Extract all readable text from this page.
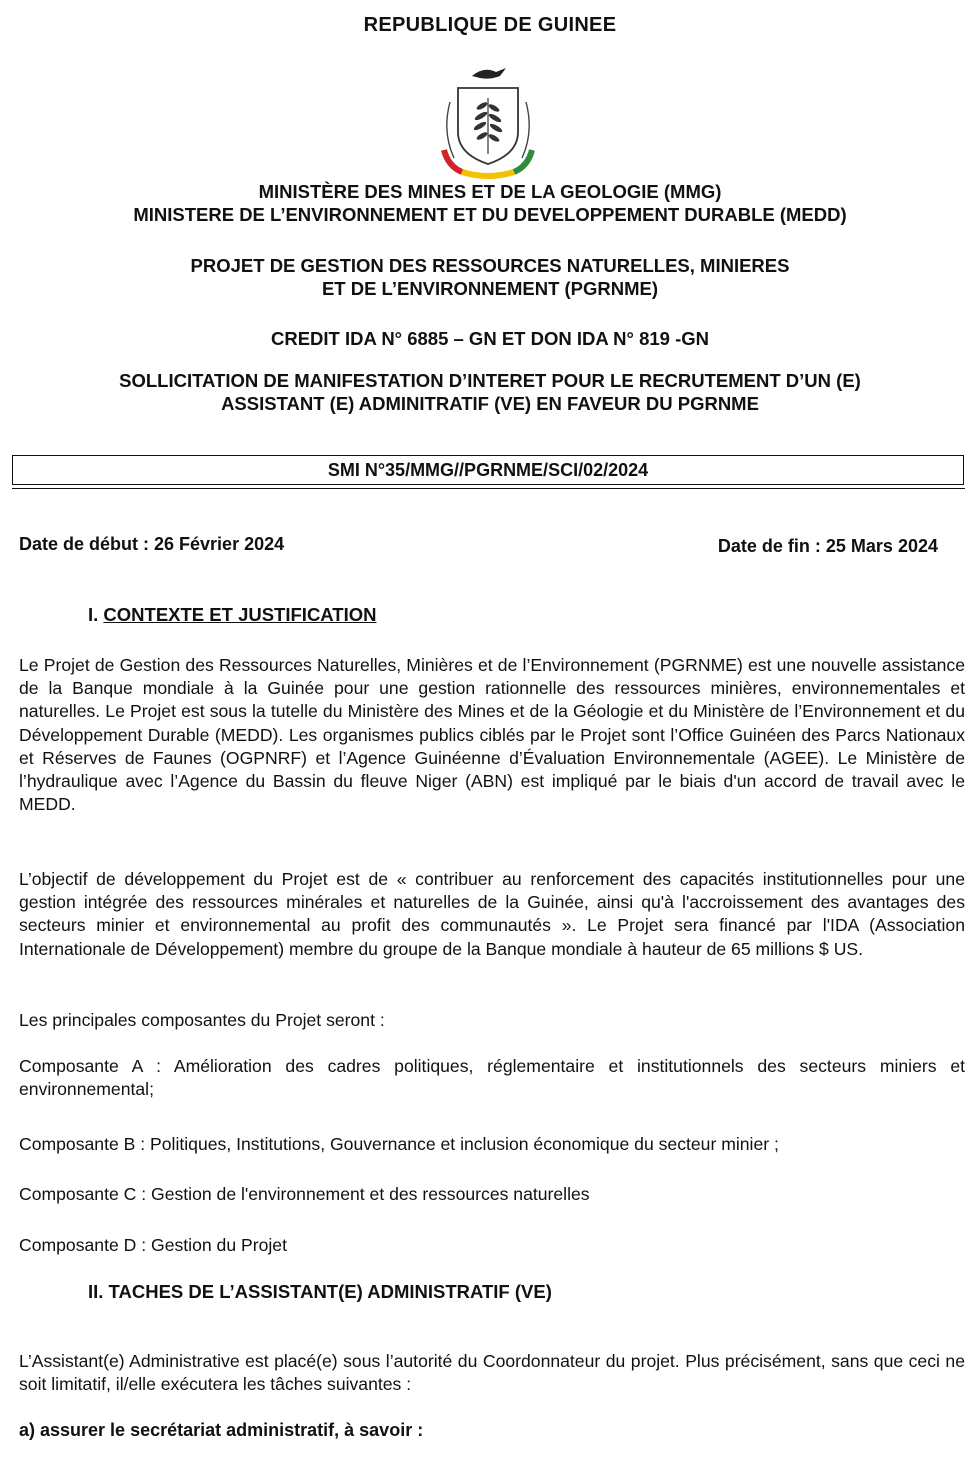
REPUBLIQUE DE GUINEE
MINISTÈRE DES MINES ET DE LA GEOLOGIE (MMG)
MINISTERE DE L’ENVIRONNEMENT ET DU DEVELOPPEMENT DURABLE (MEDD)
PROJET DE GESTION DES RESSOURCES NATURELLES, MINIERES
ET DE L’ENVIRONNEMENT (PGRNME)
CREDIT IDA N° 6885 – GN ET DON IDA N° 819 -GN
SOLLICITATION DE MANIFESTATION D’INTERET POUR LE RECRUTEMENT D’UN (E)
ASSISTANT (E) ADMINITRATIF (VE) EN FAVEUR DU PGRNME
SMI N°35/MMG//PGRNME/SCI/02/2024
Date de début : 26 Février 2024	Date de fin : 25 Mars 2024
I. CONTEXTE ET JUSTIFICATION
Le Projet de Gestion des Ressources Naturelles, Minières et de l’Environnement (PGRNME) est une nouvelle assistance de la Banque mondiale à la Guinée pour une gestion rationnelle des ressources minières, environnementales et naturelles. Le Projet est sous la tutelle du Ministère des Mines et de la Géologie et du Ministère de l’Environnement et du Développement Durable (MEDD). Les organismes publics ciblés par le Projet sont l’Office Guinéen des Parcs Nationaux et Réserves de Faunes (OGPNRF) et l’Agence Guinéenne d’Évaluation Environnementale (AGEE). Le Ministère de l’hydraulique avec l’Agence du Bassin du fleuve Niger (ABN) est impliqué par le biais d'un accord de travail avec le MEDD.
L’objectif de développement du Projet est de « contribuer au renforcement des capacités institutionnelles pour une gestion intégrée des ressources minérales et naturelles de la Guinée, ainsi qu'à l'accroissement des avantages des secteurs minier et environnemental au profit des communautés ». Le Projet sera financé par l'IDA (Association Internationale de Développement) membre du groupe de la Banque mondiale à hauteur de 65 millions $ US.
Les principales composantes du Projet seront :
Composante A : Amélioration des cadres politiques, réglementaire et institutionnels des secteurs miniers et environnemental;
Composante B : Politiques, Institutions, Gouvernance et inclusion économique du secteur minier ;
Composante C : Gestion de l'environnement et des ressources naturelles
Composante D : Gestion du Projet
II. TACHES DE L’ASSISTANT(E) ADMINISTRATIF (VE)
L’Assistant(e) Administrative est placé(e) sous l’autorité du Coordonnateur du projet. Plus précisément, sans que ceci ne soit limitatif, il/elle exécutera les tâches suivantes :
a) assurer le secrétariat administratif, à savoir :
